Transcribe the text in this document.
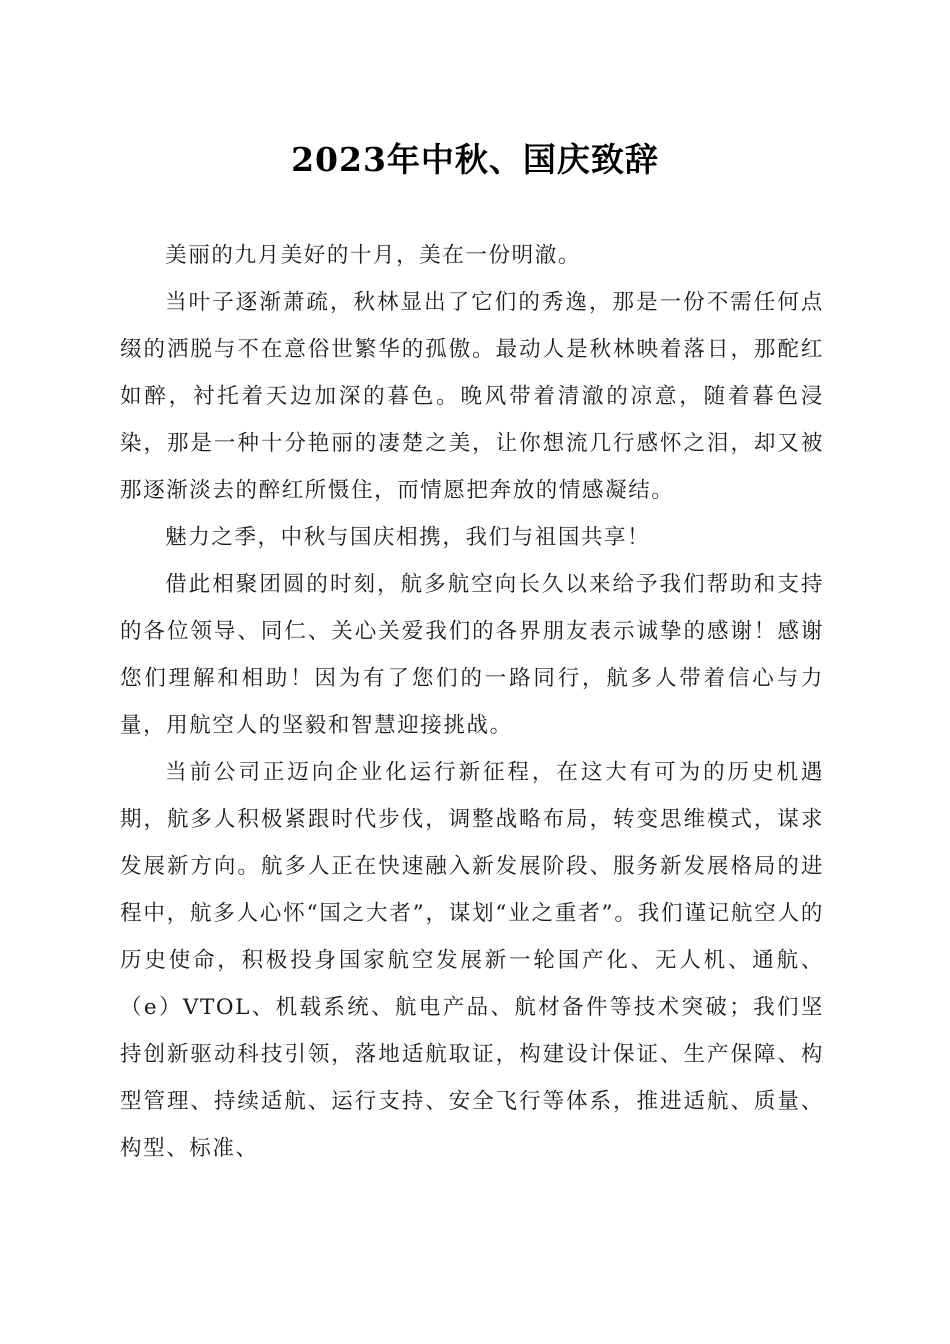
2023年中秋、国庆致辞

美丽的九月美好的十月，美在一份明澈。

当叶子逐渐萧疏，秋林显出了它们的秀逸，那是一份不需任何点缀的洒脱与不在意俗世繁华的孤傲。最动人是秋林映着落日，那酡红如醉，衬托着天边加深的暮色。晚风带着清澈的凉意，随着暮色浸染，那是一种十分艳丽的凄楚之美，让你想流几行感怀之泪，却又被那逐渐淡去的醉红所慑住，而情愿把奔放的情感凝结。

魅力之季，中秋与国庆相携，我们与祖国共享！

借此相聚团圆的时刻，航多航空向长久以来给予我们帮助和支持的各位领导、同仁、关心关爱我们的各界朋友表示诚挚的感谢！感谢您们理解和相助！因为有了您们的一路同行，航多人带着信心与力量，用航空人的坚毅和智慧迎接挑战。

当前公司正迈向企业化运行新征程，在这大有可为的历史机遇期，航多人积极紧跟时代步伐，调整战略布局，转变思维模式，谋求发展新方向。航多人正在快速融入新发展阶段、服务新发展格局的进程中，航多人心怀“国之大者”，谋划“业之重者”。我们谨记航空人的历史使命，积极投身国家航空发展新一轮国产化、无人机、通航、（e）VTOL、机载系统、航电产品、航材备件等技术突破；我们坚持创新驱动科技引领，落地适航取证，构建设计保证、生产保障、构型管理、持续适航、运行支持、安全飞行等体系，推进适航、质量、构型、标准、
